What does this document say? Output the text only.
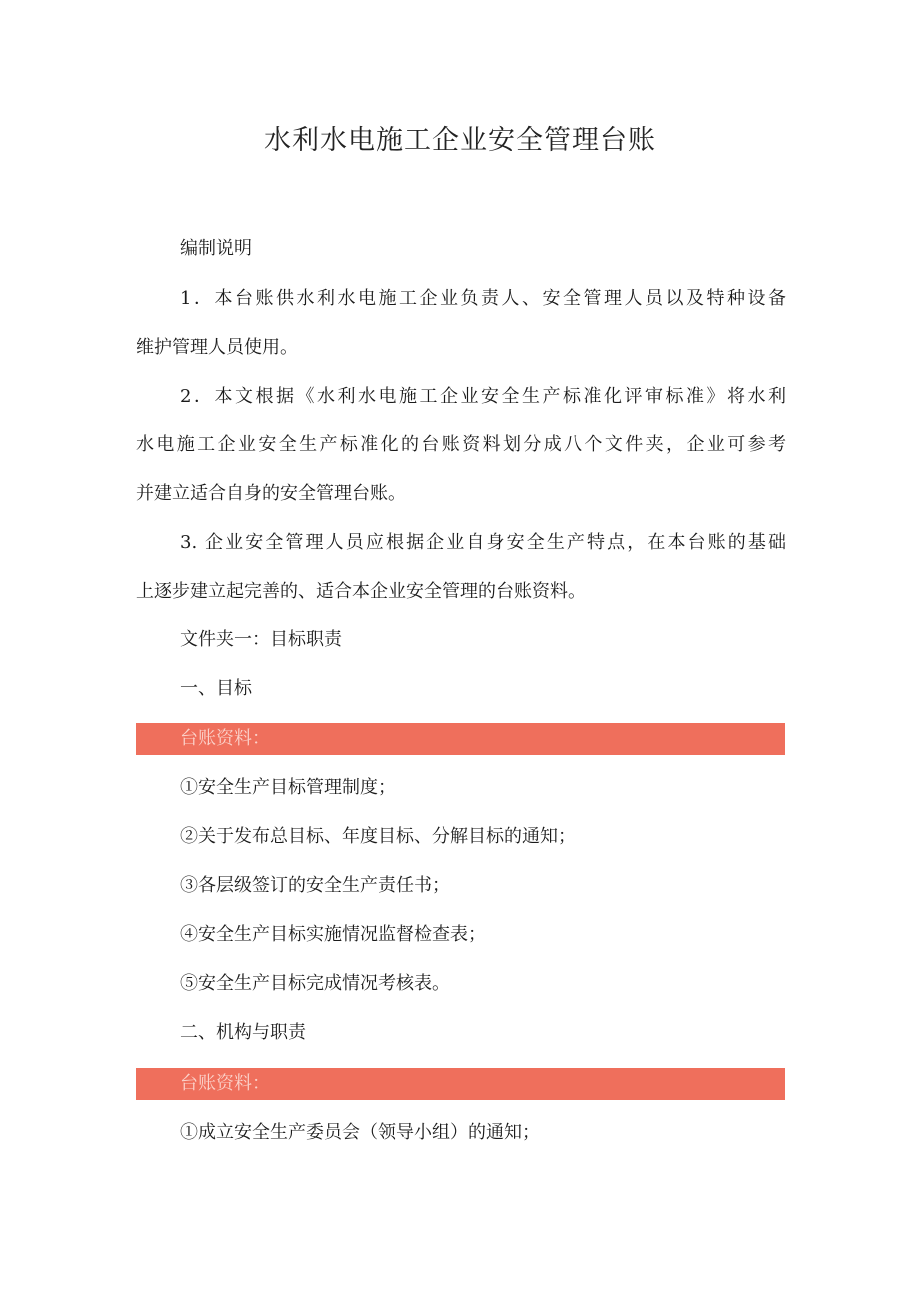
水利水电施工企业安全管理台账
编制说明
1．本台账供水利水电施工企业负责人、安全管理人员以及特种设备
维护管理人员使用。
2．本文根据《水利水电施工企业安全生产标准化评审标准》将水利
水电施工企业安全生产标准化的台账资料划分成八个文件夹，企业可参考
并建立适合自身的安全管理台账。
3. 企业安全管理人员应根据企业自身安全生产特点，在本台账的基础
上逐步建立起完善的、适合本企业安全管理的台账资料。
文件夹一：目标职责
一、目标
台账资料：
①安全生产目标管理制度；
②关于发布总目标、年度目标、分解目标的通知；
③各层级签订的安全生产责任书；
④安全生产目标实施情况监督检查表；
⑤安全生产目标完成情况考核表。
二、机构与职责
台账资料：
①成立安全生产委员会（领导小组）的通知；
